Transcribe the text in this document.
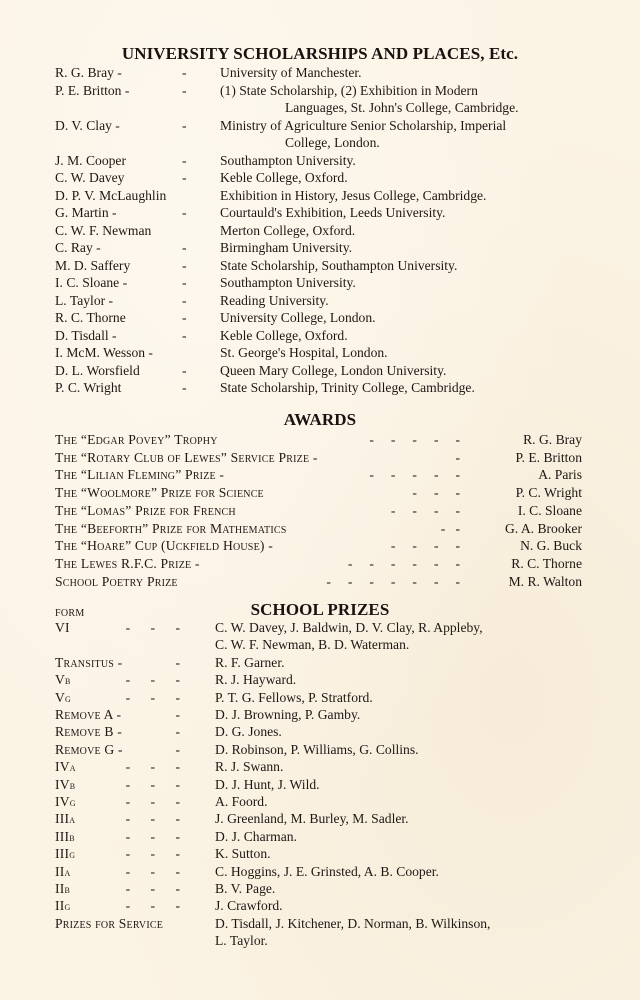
UNIVERSITY SCHOLARSHIPS AND PLACES, Etc.
R. G. Bray -	- University of Manchester.
P. E. Britton -	- (1) State Scholarship, (2) Exhibition in Modern
Languages, St. John's College, Cambridge.
D. V. Clay -	- Ministry of Agriculture Senior Scholarship, Imperial
College, London.
J. M. Cooper	- Southampton University.
C. W. Davey	- Keble College, Oxford.
D. P. V. McLaughlin	Exhibition in History, Jesus College, Cambridge.
G. Martin -	- Courtauld's Exhibition, Leeds University.
C. W. F. Newman	Merton College, Oxford.
C. Ray -	- Birmingham University.
M. D. Saffery	- State Scholarship, Southampton University.
I. C. Sloane -	- Southampton University.
L. Taylor -	- Reading University.
R. C. Thorne	- University College, London.
D. Tisdall -	- Keble College, Oxford.
I. McM. Wesson -	St. George's Hospital, London.
D. L. Worsfield	- Queen Mary College, London University.
P. C. Wright	- State Scholarship, Trinity College, Cambridge.
AWARDS
The “Edgar Povey” Trophy	-     -     -     -     -	R. G. Bray
The “Rotary Club of Lewes” Service Prize -	-	P. E. Britton
The “Lilian Fleming” Prize -	-     -     -     -     -	A. Paris
The “Woolmore” Prize for Science	-     -     -	P. C. Wright
The “Lomas” Prize for French	-     -     -     -	I. C. Sloane
The “Beeforth” Prize for Mathematics	-   -	G. A. Brooker
The “Hoare” Cup (Uckfield House) -	-     -     -     -	N. G. Buck
The Lewes R.F.C. Prize -	-     -     -     -     -     -	R. C. Thorne
School Poetry Prize	-     -     -     -     -     -     -	M. R. Walton
SCHOOL PRIZES
FORM
VI	-      -      -	C. W. Davey, J. Baldwin, D. V. Clay, R. Appleby,
C. W. F. Newman, B. D. Waterman.
Transitus -	-	R. F. Garner.
Vb	-      -      -	R. J. Hayward.
Vg	-      -      -	P. T. G. Fellows, P. Stratford.
Remove A -	-	D. J. Browning, P. Gamby.
Remove B -	-	D. G. Jones.
Remove G -	-	D. Robinson, P. Williams, G. Collins.
IVa	-      -      -	R. J. Swann.
IVb	-      -      -	D. J. Hunt, J. Wild.
IVg	-      -      -	A. Foord.
IIIa	-      -      -	J. Greenland, M. Burley, M. Sadler.
IIIb	-      -      -	D. J. Charman.
IIIg	-      -      -	K. Sutton.
IIa	-      -      -	C. Hoggins, J. E. Grinsted, A. B. Cooper.
IIb	-      -      -	B. V. Page.
IIg	-      -      -	J. Crawford.
Prizes for Service	D. Tisdall, J. Kitchener, D. Norman, B. Wilkinson,
L. Taylor.
